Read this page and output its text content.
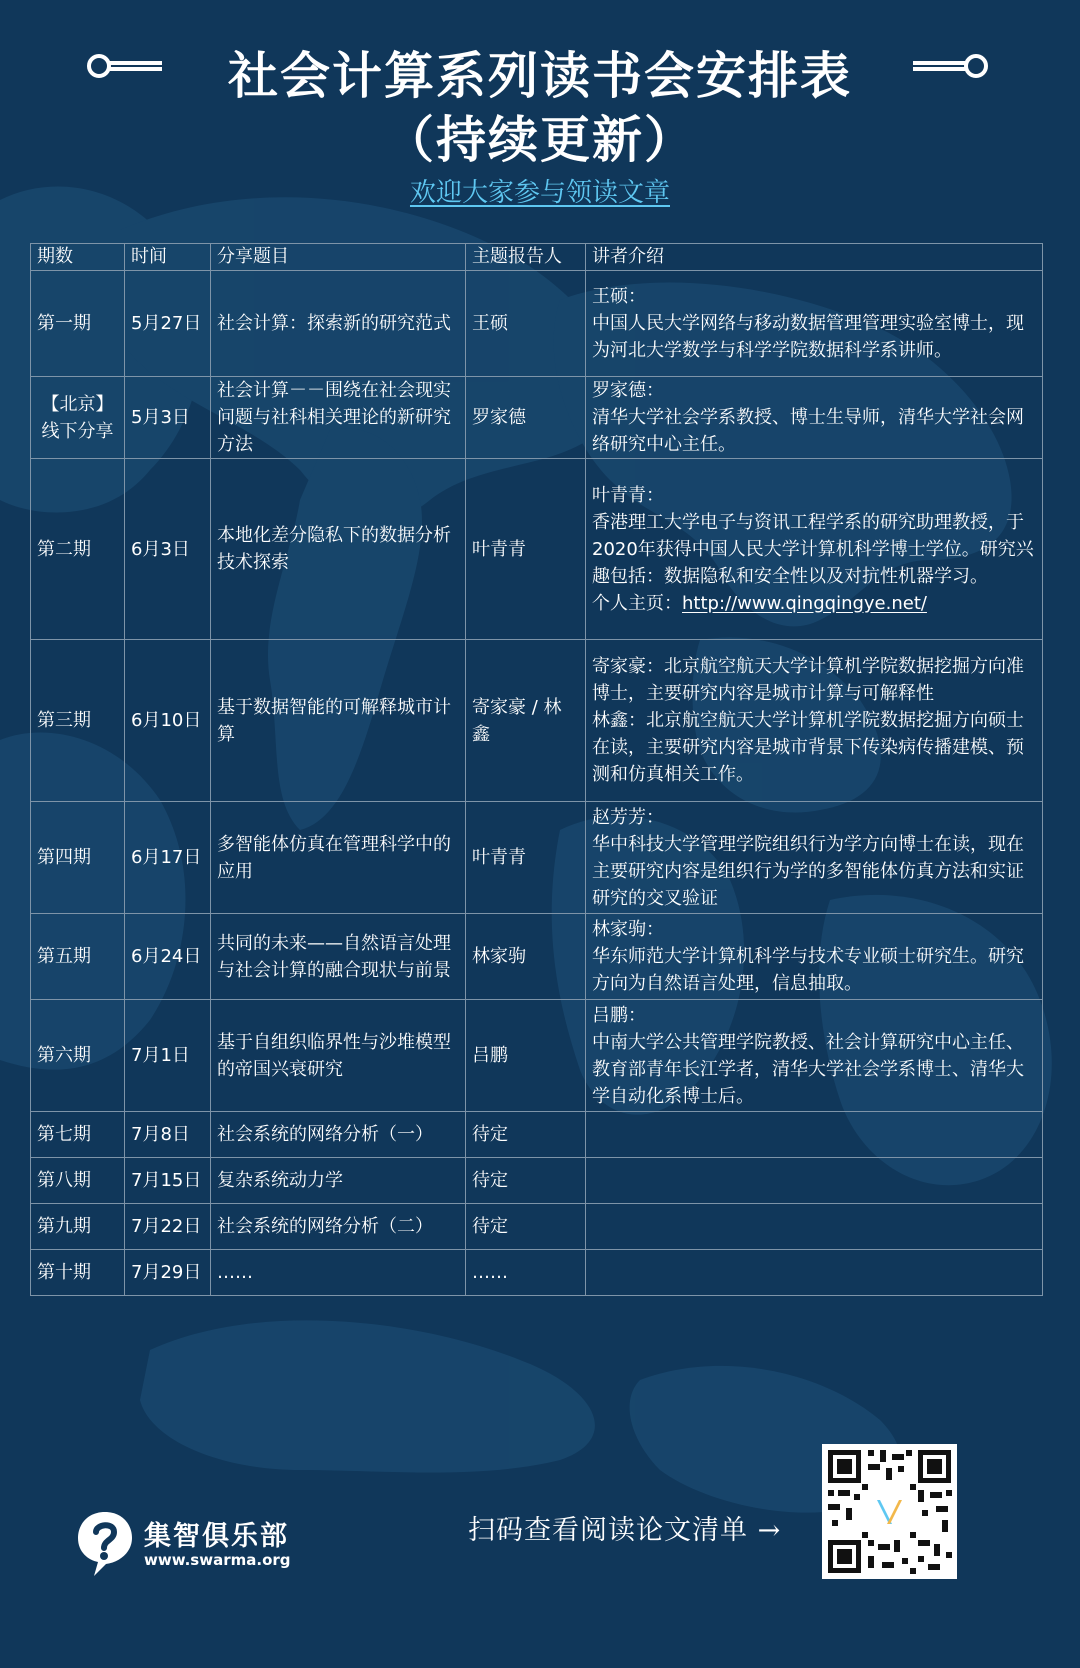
社会计算系列读书会安排表
（持续更新）
欢迎大家参与领读文章
期数	时间	分享题目	主题报告人	讲者介绍
第一期	5月27日	社会计算：探索新的研究范式	王硕	王硕：
中国人民大学网络与移动数据管理管理实验室博士，现为河北大学数学与科学学院数据科学系讲师。

【北京】线下分享	5月3日	社会计算－－围绕在社会现实问题与社科相关理论的新研究方法	罗家德	罗家德：
清华大学社会学系教授、博士生导师，清华大学社会网络研究中心主任。

第二期	6月3日	本地化差分隐私下的数据分析技术探索	叶青青	叶青青：
香港理工大学电子与资讯工程学系的研究助理教授，于2020年获得中国人民大学计算机科学博士学位。研究兴趣包括：数据隐私和安全性以及对抗性机器学习。
个人主页：http://www.qingqingye.net/

第三期	6月10日	基于数据智能的可解释城市计算	寄家豪 / 林鑫	寄家豪：北京航空航天大学计算机学院数据挖掘方向准博士，主要研究内容是城市计算与可解释性
林鑫：北京航空航天大学计算机学院数据挖掘方向硕士在读，主要研究内容是城市背景下传染病传播建模、预测和仿真相关工作。

第四期	6月17日	多智能体仿真在管理科学中的应用	叶青青	赵芳芳：
华中科技大学管理学院组织行为学方向博士在读，现在主要研究内容是组织行为学的多智能体仿真方法和实证研究的交叉验证

第五期	6月24日	共同的未来——自然语言处理与社会计算的融合现状与前景	林家驹	林家驹：
华东师范大学计算机科学与技术专业硕士研究生。研究方向为自然语言处理，信息抽取。

第六期	7月1日	基于自组织临界性与沙堆模型的帝国兴衰研究	吕鹏	吕鹏：
中南大学公共管理学院教授、社会计算研究中心主任、教育部青年长江学者，清华大学社会学系博士、清华大学自动化系博士后。

第七期	7月8日	社会系统的网络分析（一）	待定	
第八期	7月15日	复杂系统动力学	待定	
第九期	7月22日	社会系统的网络分析（二）	待定	
第十期	7月29日	……	……	
集智俱乐部
www.swarma.org
扫码查看阅读论文清单 →
